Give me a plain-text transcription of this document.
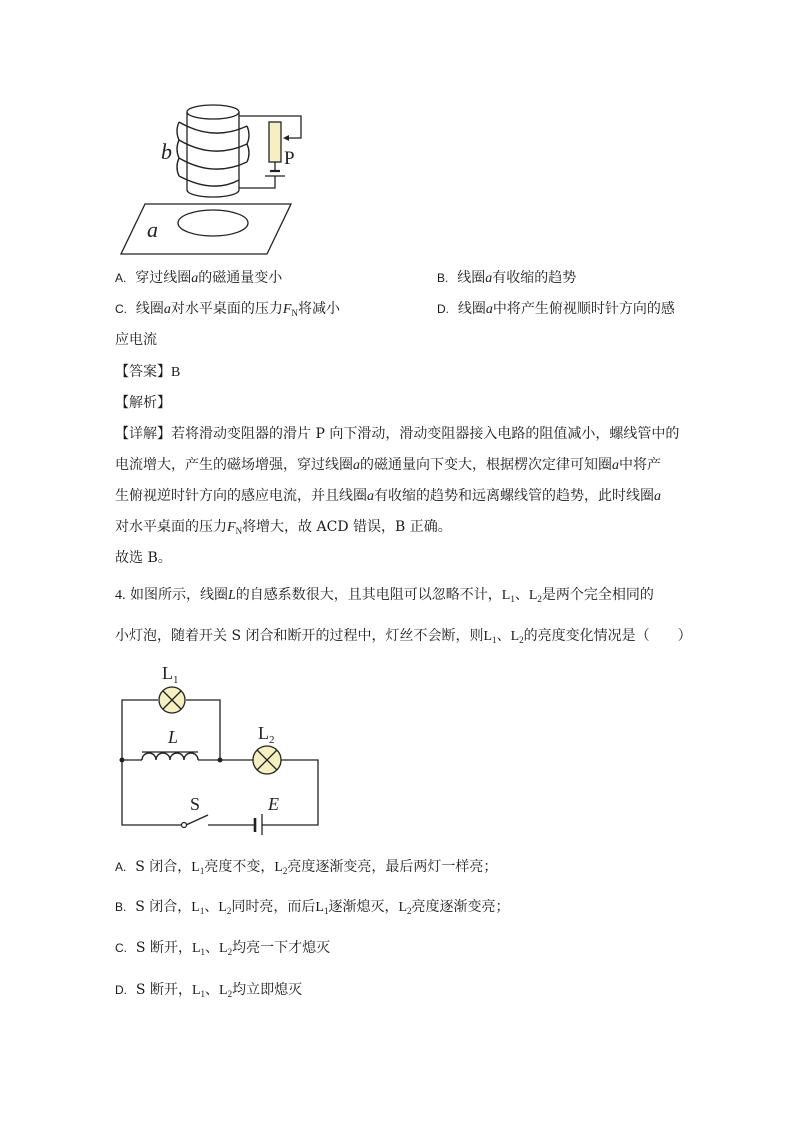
b	P
a
A. 穿过线圈a的磁通量变小	B. 线圈a有收缩的趋势
C. 线圈a对水平桌面的压力$F_N$将减小	D. 线圈a中将产生俯视顺时针方向的感
应电流
【答案】B
【解析】
【详解】若将滑动变阻器的滑片 P 向下滑动，滑动变阻器接入电路的阻值减小，螺线管中的
电流增大，产生的磁场增强，穿过线圈a的磁通量向下变大，根据楞次定律可知圈a中将产
生俯视逆时针方向的感应电流，并且线圈a有收缩的趋势和远离螺线管的趋势，此时线圈a
对水平桌面的压力$F_N$将增大，故 ACD 错误，B 正确。
故选 B。
4. 如图所示，线圈L的自感系数很大，且其电阻可以忽略不计，$L_1$、$L_2$是两个完全相同的
小灯泡，随着开关 S 闭合和断开的过程中，灯丝不会断，则$L_1$、$L_2$的亮度变化情况是（　　）
$L_1$
L	$L_2$
S	E
A. S 闭合，$L_1$亮度不变，$L_2$亮度逐渐变亮，最后两灯一样亮；
B. S 闭合，$L_1$、$L_2$同时亮，而后$L_1$逐渐熄灭，$L_2$亮度逐渐变亮；
C. S 断开，$L_1$、$L_2$均亮一下才熄灭
D. S 断开，$L_1$、$L_2$均立即熄灭
